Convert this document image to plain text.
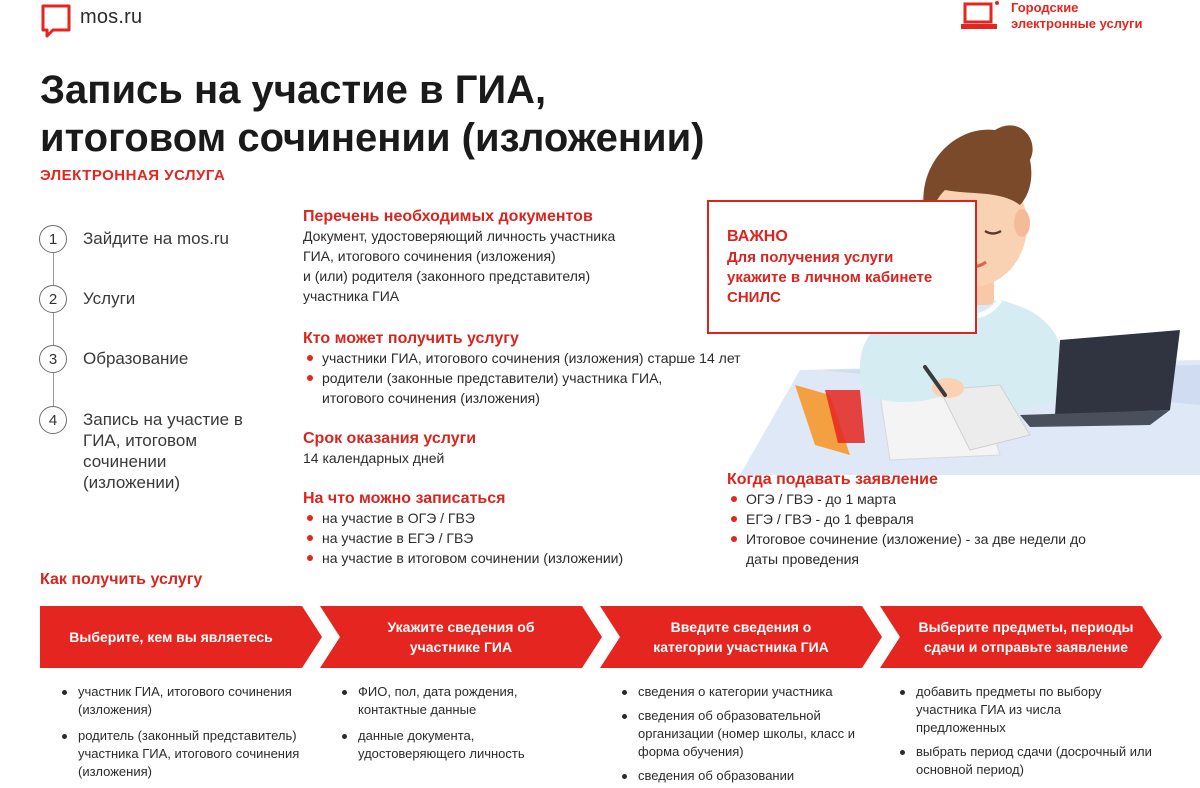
mos.ru	Городские
электронные услуги
Запись на участие в ГИА,
итоговом сочинении (изложении)
ЭЛЕКТРОННАЯ УСЛУГА
1	Зайдите на mos.ru
2	Услуги
3	Образование
4	Запись на участие в ГИА, итоговом сочинении (изложении)
Перечень необходимых документов
Документ, удостоверяющий личность участника
ГИА, итогового сочинения (изложения)
и (или) родителя (законного представителя)
участника ГИА
Кто может получить услугу
участники ГИА, итогового сочинения (изложения) старше 14 лет
родители (законные представители) участника ГИА, итогового сочинения (изложения)
Срок оказания услуги
14 календарных дней
На что можно записаться
на участие в ОГЭ / ГВЭ
на участие в ЕГЭ / ГВЭ
на участие в итоговом сочинении (изложении)
ВАЖНО
Для получения услуги укажите в личном кабинете СНИЛС
Когда подавать заявление
ОГЭ / ГВЭ - до 1 марта
ЕГЭ / ГВЭ - до 1 февраля
Итоговое сочинение (изложение) - за две недели до даты проведения
Как получить услугу
Выберите, кем вы являетесь
Укажите сведения об участнике ГИА
Введите сведения о категории участника ГИА
Выберите предметы, периоды сдачи и отправьте заявление
участник ГИА, итогового сочинения (изложения)
родитель (законный представитель) участника ГИА, итогового сочинения (изложения)
ФИО, пол, дата рождения, контактные данные
данные документа, удостоверяющего личность
сведения о категории участника
сведения об образовательной организации (номер школы, класс и форма обучения)
сведения об образовании
добавить предметы по выбору участника ГИА из числа предложенных
выбрать период сдачи (досрочный или основной период)
